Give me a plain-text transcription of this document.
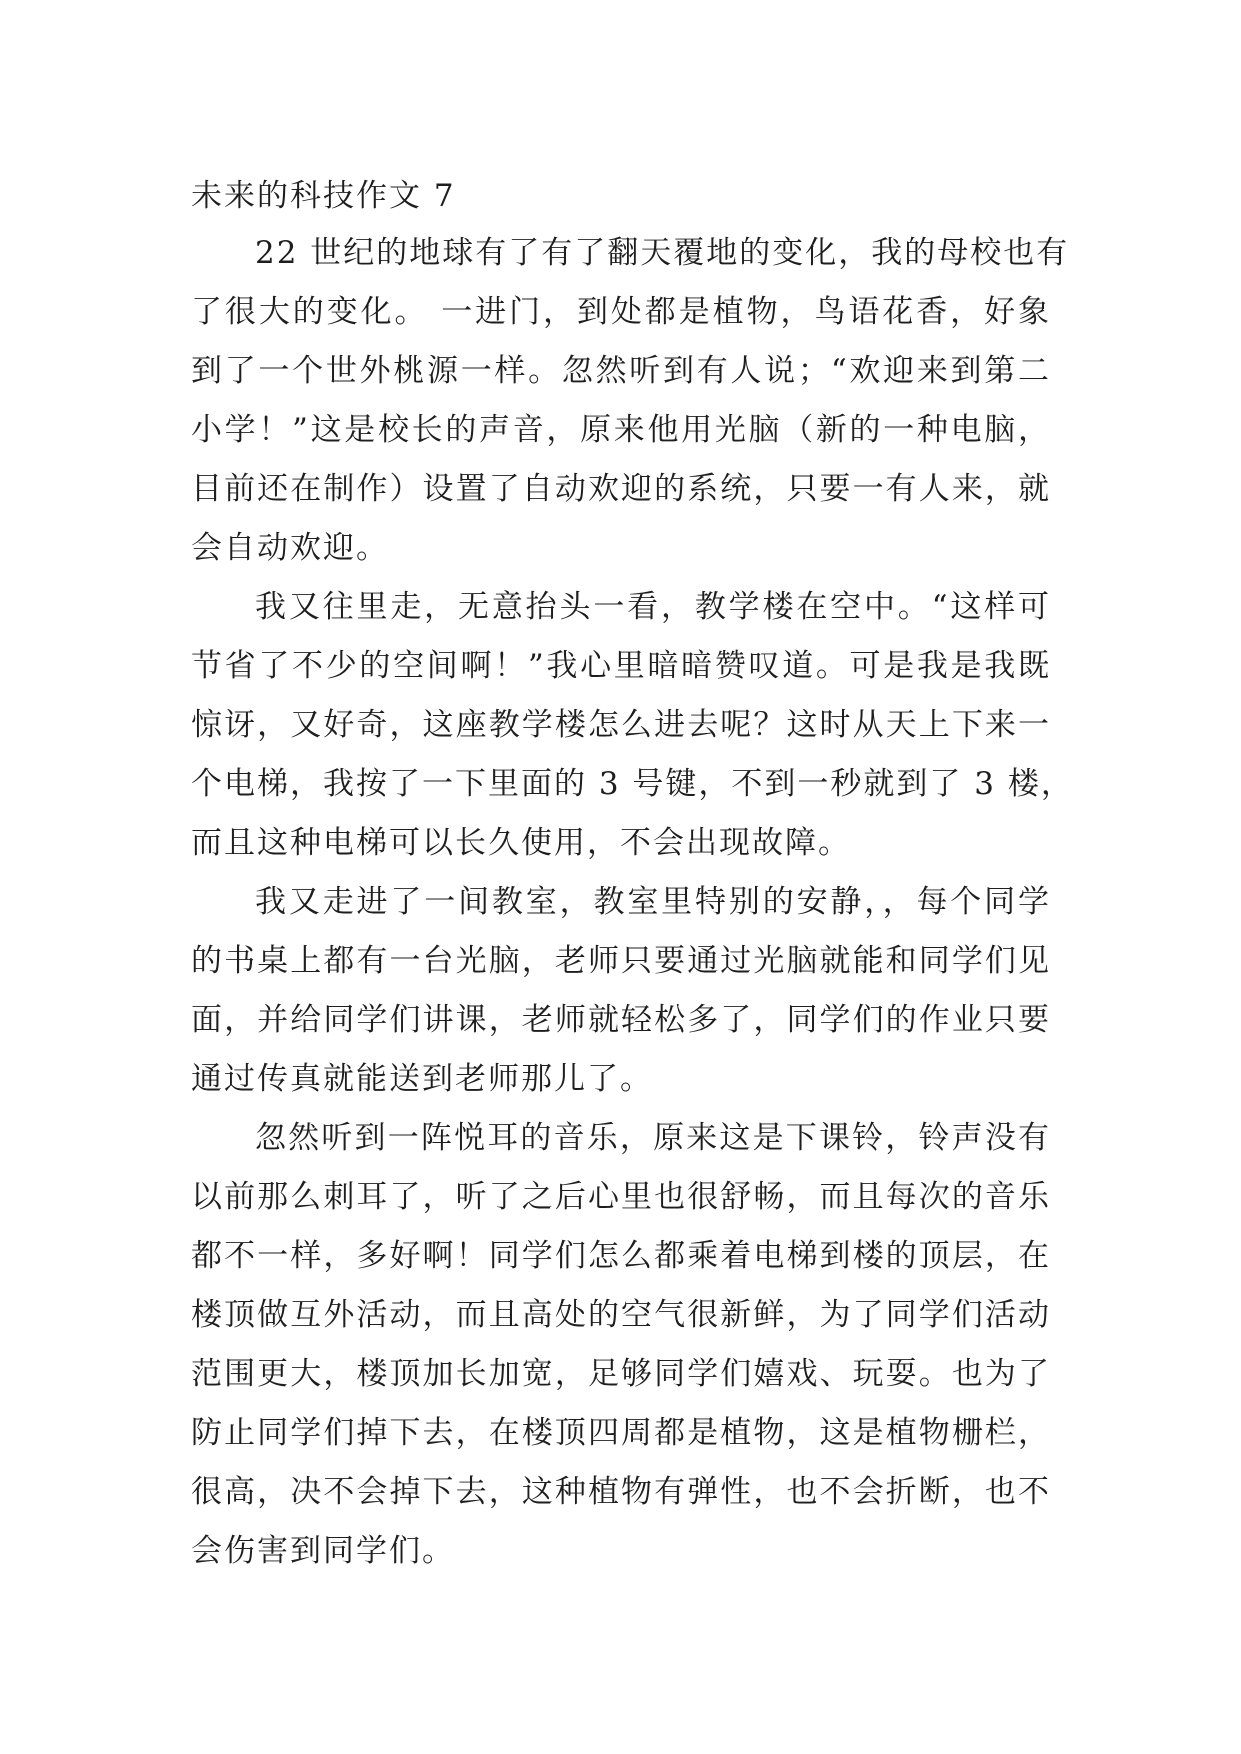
未来的科技作文 7
22 世纪的地球有了有了翻天覆地的变化，我的母校也有
了很大的变化。 一进门，到处都是植物，鸟语花香，好象
到了一个世外桃源一样。忽然听到有人说；“欢迎来到第二
小学！”这是校长的声音，原来他用光脑（新的一种电脑，
目前还在制作）设置了自动欢迎的系统，只要一有人来，就
会自动欢迎。
我又往里走，无意抬头一看，教学楼在空中。“这样可
节省了不少的空间啊！”我心里暗暗赞叹道。可是我是我既
惊讶，又好奇，这座教学楼怎么进去呢？这时从天上下来一
个电梯，我按了一下里面的 3 号键，不到一秒就到了 3 楼，
而且这种电梯可以长久使用，不会出现故障。
我又走进了一间教室，教室里特别的安静，，每个同学
的书桌上都有一台光脑，老师只要通过光脑就能和同学们见
面，并给同学们讲课，老师就轻松多了，同学们的作业只要
通过传真就能送到老师那儿了。
忽然听到一阵悦耳的音乐，原来这是下课铃，铃声没有
以前那么刺耳了，听了之后心里也很舒畅，而且每次的音乐
都不一样，多好啊！同学们怎么都乘着电梯到楼的顶层，在
楼顶做互外活动，而且高处的空气很新鲜，为了同学们活动
范围更大，楼顶加长加宽，足够同学们嬉戏、玩耍。也为了
防止同学们掉下去，在楼顶四周都是植物，这是植物栅栏，
很高，决不会掉下去，这种植物有弹性，也不会折断，也不
会伤害到同学们。
